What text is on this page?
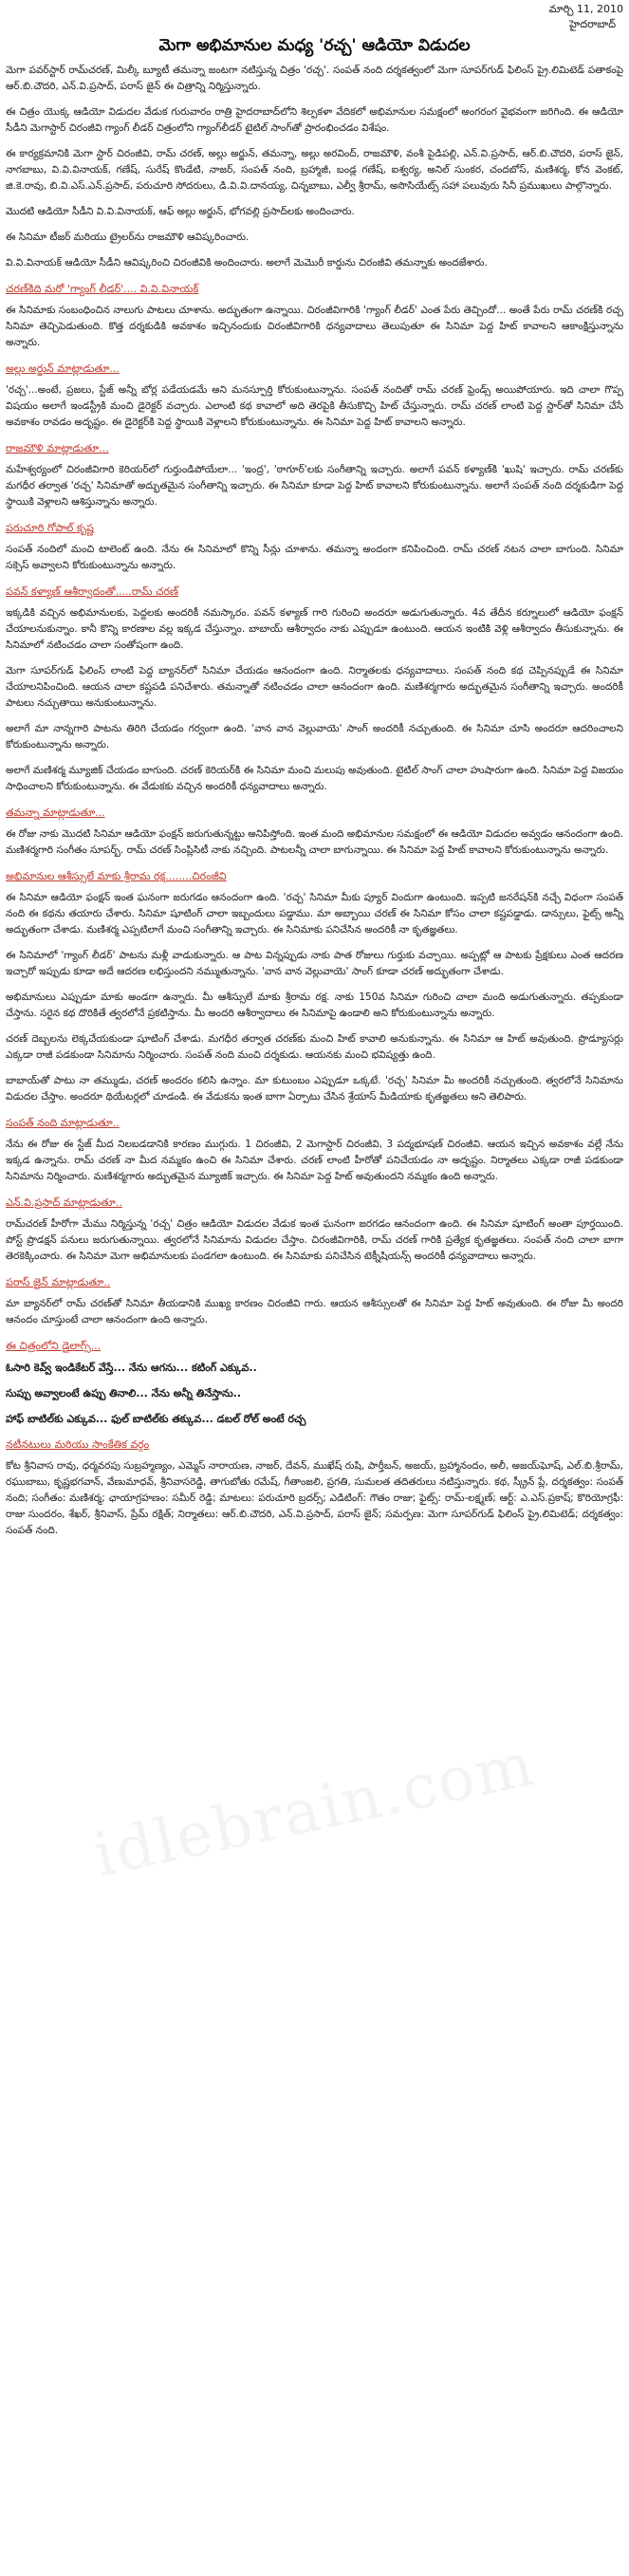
మార్చి 11, 2010
హైదరాబాద్
మెగా అభిమానుల మధ్య 'రచ్చ' ఆడియో విడుదల

మెగా పవర్‌స్టార్ రామ్‌చరణ్, మిల్కీ బ్యూటీ తమన్నా జంటగా నటిస్తున్న చిత్రం 'రచ్చ'. సంపత్ నంది దర్శకత్వంలో మెగా సూపర్‌గుడ్ ఫిలింస్ ప్రై.లిమిటెడ్ పతాకంపై ఆర్.బి.చౌదరి, ఎన్.వి.ప్రసాద్, పరాస్ జైన్ ఈ చిత్రాన్ని నిర్మిస్తున్నారు.

ఈ చిత్రం యొక్క ఆడియో విడుదల వేడుక గురువారం రాత్రి హైదరాబాద్‌లోని శిల్పకళా వేదికలో అభిమానుల సమక్షంలో అంగరంగ వైభవంగా జరిగింది. ఈ ఆడియో సీడీని మెగాస్టార్ చిరంజీవి గ్యాంగ్ లీడర్ చిత్రంలోని గ్యాంగ్‌లీడర్ టైటిల్ సాంగ్‌తో ప్రారంభించడం విశేషం.

ఈ కార్యక్రమానికి మెగా స్టార్ చిరంజీవి, రామ్ చరణ్, అల్లు అర్జున్, తమన్నా, అల్లు అరవింద్, రాజమౌళి, వంశీ పైడిపల్లి, ఎన్.వి.ప్రసాద్, ఆర్.బి.చౌదరి, పరాస్ జైన్, నాగబాబు, వి.వి.వినాయక్, గణేష్, సురేష్ కొండేటి, నాజర్, సంపత్ నంది, బ్రహ్మాజీ, బండ్ల గణేష్, ఐశ్వర్య, అనిల్ సుంకర, చందబోస్, మణిశర్మ, కోన వెంకట్, జి.కె.రావు, బి.వి.ఎస్.ఎన్.ప్రసాద్, పరుచూరి సోదరులు, డి.వి.వి.దానయ్య, చిన్నబాబు, ఎల్వీ శ్రీరామ్, అసొసియేట్స్ సహా పలువురు సినీ ప్రముఖులు పాల్గొన్నారు.

మొదటి ఆడియో సీడీని వి.వి.వినాయక్, ఆఫ్ అల్లు అర్జున్, భోగవల్లి ప్రసాద్‌లకు అందించారు.

ఈ సినిమా టీజర్ మరియు ట్రైలర్‌ను రాజమౌళి ఆవిష్కరించారు.

వి.వి.వినాయక్ ఆడియో సీడీని ఆవిష్కరించి చిరంజీవికి అందించారు. అలాగే మెమొరీ కార్డును చిరంజీవి తమన్నాకు అందజేశారు.

చరణ్‌కిది మరో 'గ్యాంగ్ లీడర్'.... వి.వి.వినాయక్

ఈ సినిమాకు సంబంధించిన నాలుగు పాటలు చూశాను. అద్భుతంగా ఉన్నాయి. చిరంజీవిగారికి 'గ్యాంగ్ లీడర్' ఎంత పేరు తెచ్చిందో... అంతే పేరు రామ్ చరణ్‌కి రచ్చ సినిమా తెచ్చిపెడుతుంది. కొత్త దర్శకుడికి అవకాశం ఇచ్చినందుకు చిరంజీవిగారికి ధన్యవాదాలు తెలుపుతూ ఈ సినిమా పెద్ద హిట్ కావాలని ఆకాంక్షిస్తున్నాను అన్నారు.

అల్లు అర్జున్ మాట్లాడుతూ...

'రచ్చ'...అంటే, ప్రజలు, స్టేజ్ అన్నీ బోర్ల పడేయడమే అని మనస్పూర్తి కోరుకుంటున్నాను. సంపత్ నందితో రామ్ చరణ్ ఫ్రెండ్స్ అయిపోయారు. ఇది చాలా గొప్ప విషయం అలాగే ఇండస్ట్రీకి మంచి డైరెక్టర్ వచ్చారు. ఎలాంటి కథ కావాలో అది తెరపైకి తీసుకొచ్చి హిట్ చేస్తున్నారు. రామ్ చరణ్ లాంటి పెద్ద స్టార్‌తో సినిమా చేసే అవకాశం రావడం అదృష్టం. ఈ డైరెక్టర్‌కి పెద్ద స్థాయికి వెళ్లాలని కోరుకుంటున్నాను. ఈ సినిమా పెద్ద హిట్ కావాలని అన్నారు.

రాజమౌళి మాట్లాడుతూ...

మహేశ్వర్యంలో చిరంజీవిగారి కెరియర్‌లో గుర్తుండిపోయేలా... 'ఇంద్ర', 'ఠాగూర్'లకు సంగీతాన్ని ఇచ్చారు. అలాగే పవన్ కళ్యాణ్‌కి 'ఖుషి' ఇచ్చారు. రామ్ చరణ్‌కు మగధీర తర్వాత 'రచ్చ' సినిమాతో అద్భుతమైన సంగీతాన్ని ఇచ్చారు. ఈ సినిమా కూడా పెద్ద హిట్ కావాలని కోరుకుంటున్నాను. అలాగే సంపత్ నంది దర్శకుడిగా పెద్ద స్థాయికి వెళ్లాలని ఆశిస్తున్నాను అన్నారు.

పరుచూరి గోపాల్ కృష్ణ

సంపత్ నందిలో మంచి టాలెంట్ ఉంది. నేను ఈ సినిమాలో కొన్ని సీన్లు చూశాను. తమన్నా అందంగా కనిపించింది. రామ్ చరణ్ నటన చాలా బాగుంది. సినిమా సక్సెస్ అవ్వాలని కోరుకుంటున్నాను అన్నారు.

పవన్ కళ్యాణ్ ఆశీర్వాదంతో.....రామ్ చరణ్

ఇక్కడికి వచ్చిన అభిమానులకు, పెద్దలకు అందరికీ నమస్కారం. పవన్ కళ్యాణ్ గారి గురించి అందరూ అడుగుతున్నారు. 4వ తేదీన కర్నూలులో ఆడియో ఫంక్షన్ చేయాలనుకున్నాం. కానీ కొన్ని కారణాల వల్ల ఇక్కడ చేస్తున్నాం. బాబాయ్ ఆశీర్వాదం నాకు ఎప్పుడూ ఉంటుంది. ఆయన ఇంటికి వెళ్లి ఆశీర్వాదం తీసుకున్నాను. ఈ సినిమాలో నటించడం చాలా సంతోషంగా ఉంది.

మెగా సూపర్‌గుడ్ ఫిలింస్ లాంటి పెద్ద బ్యానర్‌లో సినిమా చేయడం ఆనందంగా ఉంది. నిర్మాతలకు ధన్యవాదాలు. సంపత్ నంది కథ చెప్పినప్పుడే ఈ సినిమా చేయాలనిపించింది. ఆయన చాలా కష్టపడి పనిచేశారు. తమన్నాతో నటించడం చాలా ఆనందంగా ఉంది. మణిశర్మగారు అద్భుతమైన సంగీతాన్ని ఇచ్చారు. అందరికీ పాటలు నచ్చుతాయి అనుకుంటున్నాను.

అలాగే మా నాన్నగారి పాటను తిరిగి చేయడం గర్వంగా ఉంది. 'వాన వాన వెల్లువాయె' సాంగ్ అందరికీ నచ్చుతుంది. ఈ సినిమా చూసి అందరూ ఆదరించాలని కోరుకుంటున్నాను అన్నారు.

అలాగే మణిశర్మ మ్యూజిక్ చేయడం బాగుంది. చరణ్ కెరియర్‌కి ఈ సినిమా మంచి మలుపు అవుతుంది. టైటిల్ సాంగ్ చాలా హుషారుగా ఉంది. సినిమా పెద్ద విజయం సాధించాలని కోరుకుంటున్నాను. ఈ వేడుకకు వచ్చిన అందరికీ ధన్యవాదాలు అన్నారు.

తమన్నా మాట్లాడుతూ...

ఈ రోజు నాకు మొదటి సినిమా ఆడియో ఫంక్షన్ జరుగుతున్నట్టు అనిపిస్తోంది. ఇంత మంది అభిమానుల సమక్షంలో ఈ ఆడియో విడుదల అవ్వడం ఆనందంగా ఉంది. మణిశర్మగారి సంగీతం సూపర్బ్. రామ్ చరణ్ సింప్లిసిటీ నాకు నచ్చింది. పాటలన్నీ చాలా బాగున్నాయి. ఈ సినిమా పెద్ద హిట్ కావాలని కోరుకుంటున్నాను అన్నారు.

అభిమానుల ఆశీస్సులే మాకు శ్రీరామ రక్ష........చిరంజీవి

ఈ సినిమా ఆడియో ఫంక్షన్ ఇంత ఘనంగా జరుగడం ఆనందంగా ఉంది. 'రచ్చ' సినిమా మీకు ప్యూర్ విందుగా ఉంటుంది. ఇప్పటి జనరేషన్‌కి నచ్చే విధంగా సంపత్ నంది ఈ కథను తయారు చేశారు. సినిమా షూటింగ్ చాలా ఇబ్బందులు పడ్డాము. మా అబ్బాయి చరణ్ ఈ సినిమా కోసం చాలా కష్టపడ్డాడు. డాన్సులు, ఫైట్స్ అన్నీ అద్భుతంగా చేశాడు. మణిశర్మ ఎప్పటిలాగే మంచి సంగీతాన్ని ఇచ్చారు. ఈ సినిమాకు పనిచేసిన అందరికీ నా కృతజ్ఞతలు.

ఈ సినిమాలో 'గ్యాంగ్ లీడర్' పాటను మళ్లీ వాడుకున్నారు. ఆ పాట విన్నప్పుడు నాకు పాత రోజులు గుర్తుకు వచ్చాయి. అప్పట్లో ఆ పాటకు ప్రేక్షకులు ఎంత ఆదరణ ఇచ్చారో ఇప్పుడు కూడా అదే ఆదరణ లభిస్తుందని నమ్ముతున్నాను. 'వాన వాన వెల్లువాయె' సాంగ్ కూడా చరణ్ అద్భుతంగా చేశాడు.

అభిమానులు ఎప్పుడూ మాకు అండగా ఉన్నారు. మీ ఆశీస్సులే మాకు శ్రీరామ రక్ష. నాకు 150వ సినిమా గురించి చాలా మంది అడుగుతున్నారు. తప్పకుండా చేస్తాను. సరైన కథ దొరికితే త్వరలోనే ప్రకటిస్తాను. మీ అందరి ఆశీర్వాదాలు ఈ సినిమాపై ఉండాలి అని కోరుకుంటున్నాను అన్నారు.

చరణ్ దెబ్బలను లెక్కచేయకుండా షూటింగ్ చేశాడు. మగధీర తర్వాత చరణ్‌కు మంచి హిట్ కావాలి అనుకున్నాను. ఈ సినిమా ఆ హిట్ అవుతుంది. ప్రొడ్యూసర్లు ఎక్కడా రాజీ పడకుండా సినిమాను నిర్మించారు. సంపత్ నంది మంచి దర్శకుడు. ఆయనకు మంచి భవిష్యత్తు ఉంది.

బాబాయ్‌తో పాటు నా తమ్ముడు, చరణ్ అందరం కలిసి ఉన్నాం. మా కుటుంబం ఎప్పుడూ ఒక్కటే. 'రచ్చ' సినిమా మీ అందరికీ నచ్చుతుంది. త్వరలోనే సినిమాను విడుదల చేస్తాం. అందరూ థియేటర్లలో చూడండి. ఈ వేడుకను ఇంత బాగా ఏర్పాటు చేసిన శ్రేయాస్ మీడియాకు కృతజ్ఞతలు అని తెలిపారు.

సంపత్ నంది మాట్లాడుతూ..

నేను ఈ రోజు ఈ స్టేజ్ మీద నిలబడడానికి కారణం ముగ్గురు. 1 చిరంజీవి, 2 మెగాస్టార్ చిరంజీవి, 3 పద్మభూషణ్ చిరంజీవి. ఆయన ఇచ్చిన అవకాశం వల్లే నేను ఇక్కడ ఉన్నాను. రామ్ చరణ్ నా మీద నమ్మకం ఉంచి ఈ సినిమా చేశారు. చరణ్ లాంటి హీరోతో పనిచేయడం నా అదృష్టం. నిర్మాతలు ఎక్కడా రాజీ పడకుండా సినిమాను నిర్మించారు. మణిశర్మగారు అద్భుతమైన మ్యూజిక్ ఇచ్చారు. ఈ సినిమా పెద్ద హిట్ అవుతుందని నమ్మకం ఉంది అన్నారు.

ఎన్.వి.ప్రసాద్ మాట్లాడుతూ..

రామ్‌చరణ్ హీరోగా మేము నిర్మిస్తున్న 'రచ్చ' చిత్రం ఆడియో విడుదల వేడుక ఇంత ఘనంగా జరగడం ఆనందంగా ఉంది. ఈ సినిమా షూటింగ్ అంతా పూర్తయింది. పోస్ట్ ప్రొడక్షన్ పనులు జరుగుతున్నాయి. త్వరలోనే సినిమాను విడుదల చేస్తాం. చిరంజీవిగారికి, రామ్ చరణ్ గారికి ప్రత్యేక కృతజ్ఞతలు. సంపత్ నంది చాలా బాగా తెరకెక్కించారు. ఈ సినిమా మెగా అభిమానులకు పండగలా ఉంటుంది. ఈ సినిమాకు పనిచేసిన టెక్నీషియన్స్ అందరికీ ధన్యవాదాలు అన్నారు.

పరాస్ జైన్ మాట్లాడుతూ..

మా బ్యానర్‌లో రామ్ చరణ్‌తో సినిమా తీయడానికి ముఖ్య కారణం చిరంజీవి గారు. ఆయన ఆశీస్సులతో ఈ సినిమా పెద్ద హిట్ అవుతుంది. ఈ రోజు మీ అందరి ఆనందం చూస్తుంటే చాలా ఆనందంగా ఉంది అన్నారు.

ఈ చిత్రంలోని డైలాగ్స్...
ఓసారి కెవ్వ్ ఇండికేటర్ వేస్తే... నేను ఆగను... కటింగ్ ఎక్కువ..
సుప్పు అవ్వాలంటే ఉప్పు తినాలి... నేను అన్నీ తినేస్తాను..
హాఫ్ బాటిల్‌కు ఎక్కువ... ఫుల్ బాటిల్‌కు తక్కువ... డబల్ రోల్ అంటే రచ్చ
నటీనటులు మరియు సాంకేతిక వర్గం

కోట శ్రీనివాస రావు, ధర్మవరపు సుబ్రహ్మణ్యం, ఎమ్మెస్ నారాయణ, నాజర్, దేవన్, ముఖేష్ రుషి, పార్తీబన్, అజయ్, బ్రహ్మానందం, అలీ, అజయ్‌ఘోష్, ఎల్.బి.శ్రీరామ్, రఘుబాబు, కృష్ణభగవాన్, వేణుమాధవ్, శ్రీనివాసరెడ్డి, తాగుబోతు రమేష్, గీతాంజలి, ప్రగతి, సుమలత తదితరులు నటిస్తున్నారు. కథ, స్క్రీన్ ప్లే, దర్శకత్వం: సంపత్ నంది; సంగీతం: మణిశర్మ; ఛాయాగ్రహణం: సమీర్ రెడ్డి; మాటలు: పరుచూరి బ్రదర్స్; ఎడిటింగ్: గౌతం రాజు; ఫైట్స్: రామ్-లక్ష్మణ్; ఆర్ట్: ఎ.ఎస్.ప్రకాష్; కొరియోగ్రఫీ: రాజు సుందరం, శేఖర్, శ్రీనివాస్, ప్రేమ్ రక్షిత్; నిర్మాతలు: ఆర్.బి.చౌదరి, ఎన్.వి.ప్రసాద్, పరాస్ జైన్; సమర్పణ: మెగా సూపర్‌గుడ్ ఫిలింస్ ప్రై.లిమిటెడ్; దర్శకత్వం: సంపత్ నంది.

idlebrain.com
